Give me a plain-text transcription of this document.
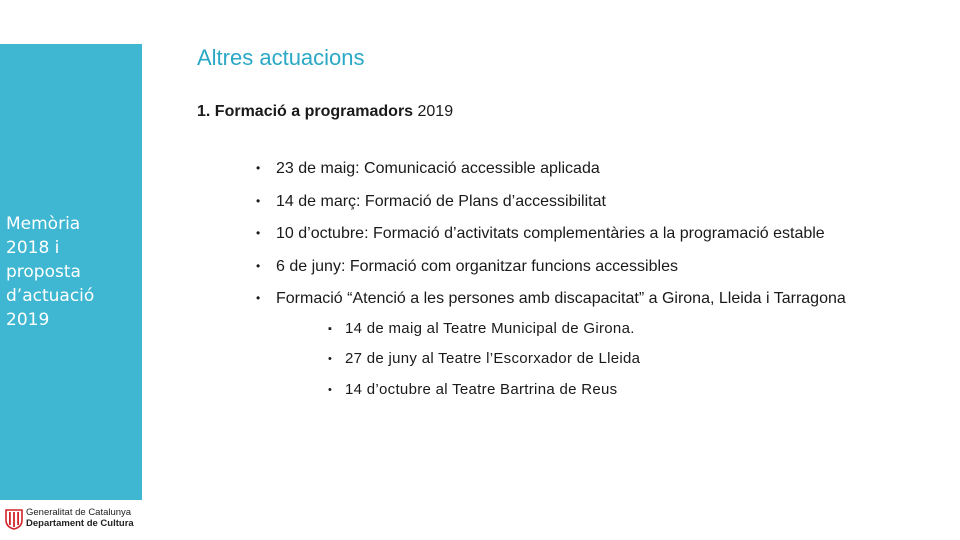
Memòria
2018 i
proposta
d’actuació
2019
Generalitat de Catalunya
Departament de Cultura
Altres actuacions
1. Formació a programadors 2019
• 23 de maig: Comunicació accessible aplicada
• 14 de març: Formació de Plans d’accessibilitat
• 10 d’octubre: Formació d’activitats complementàries a la programació estable
• 6 de juny: Formació com organitzar funcions accessibles
• Formació “Atenció a les persones amb discapacitat” a Girona, Lleida i Tarragona
▪ 14 de maig al Teatre Municipal de Girona.
• 27 de juny al Teatre l’Escorxador de Lleida
• 14 d’octubre al Teatre Bartrina de Reus
